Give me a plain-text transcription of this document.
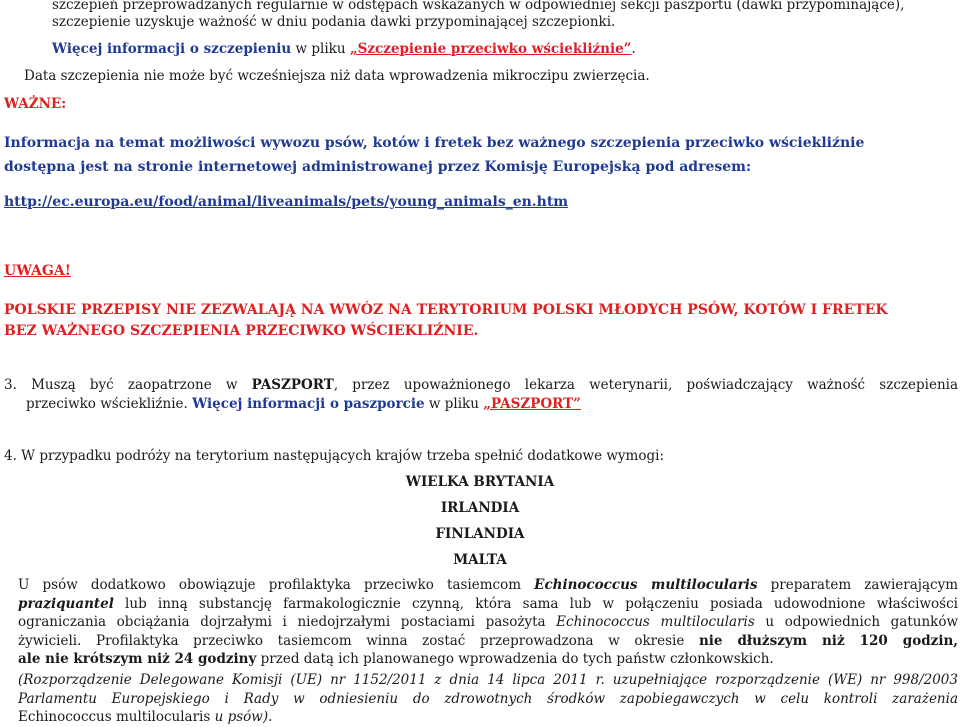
szczepień przeprowadzanych regularnie w odstępach wskazanych w odpowiedniej sekcji paszportu (dawki przypominające),
szczepienie uzyskuje ważność w dniu podania dawki przypominającej szczepionki.
Więcej informacji o szczepieniu w pliku „Szczepienie przeciwko wściekliźnie”.
Data szczepienia nie może być wcześniejsza niż data wprowadzenia mikroczipu zwierzęcia.
WAŻNE:
Informacja na temat możliwości wywozu psów, kotów i fretek bez ważnego szczepienia przeciwko wściekliźnie
dostępna jest na stronie internetowej administrowanej przez Komisję Europejską pod adresem:
http://ec.europa.eu/food/animal/liveanimals/pets/young_animals_en.htm
UWAGA!
POLSKIE PRZEPISY NIE ZEZWALAJĄ NA WWÓZ NA TERYTORIUM POLSKI MŁODYCH PSÓW, KOTÓW I FRETEK
BEZ WAŻNEGO SZCZEPIENIA PRZECIWKO WŚCIEKLIŹNIE.
3. Muszą być zaopatrzone w PASZPORT, przez upoważnionego lekarza weterynarii, poświadczający ważność szczepienia
przeciwko wściekliźnie. Więcej informacji o paszporcie w pliku „PASZPORT”
4. W przypadku podróży na terytorium następujących krajów trzeba spełnić dodatkowe wymogi:
WIELKA BRYTANIA
IRLANDIA
FINLANDIA
MALTA
U psów dodatkowo obowiązuje profilaktyka przeciwko tasiemcom Echinococcus multilocularis preparatem zawierającym
praziquantel lub inną substancję farmakologicznie czynną, która sama lub w połączeniu posiada udowodnione właściwości
ograniczania obciążania dojrzałymi i niedojrzałymi postaciami pasożyta Echinococcus multilocularis u odpowiednich gatunków
żywicieli. Profilaktyka przeciwko tasiemcom winna zostać przeprowadzona w okresie nie dłuższym niż 120 godzin,
ale nie krótszym niż 24 godziny przed datą ich planowanego wprowadzenia do tych państw członkowskich.
(Rozporządzenie Delegowane Komisji (UE) nr 1152/2011 z dnia 14 lipca 2011 r. uzupełniające rozporządzenie (WE) nr 998/2003
Parlamentu Europejskiego i Rady w odniesieniu do zdrowotnych środków zapobiegawczych w celu kontroli zarażenia
Echinococcus multilocularis u psów).
